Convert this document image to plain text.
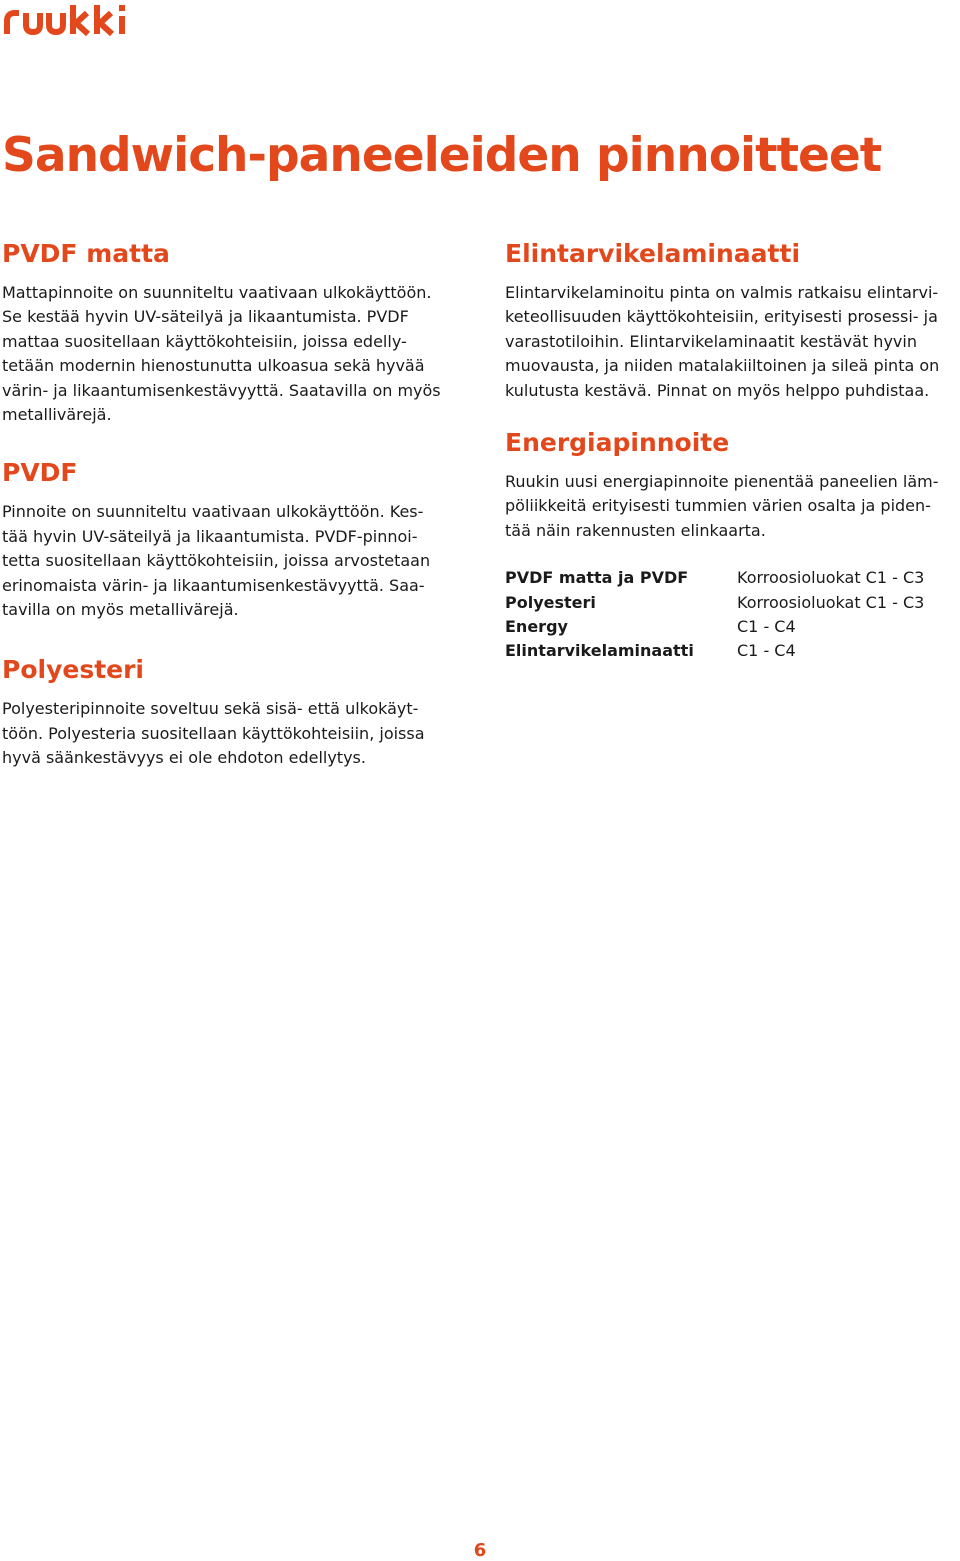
Sandwich-paneeleiden pinnoitteet
PVDF matta

Mattapinnoite on suunniteltu vaativaan ulkokäyttöön.
Se kestää hyvin UV-säteilyä ja likaantumista. PVDF
mattaa suositellaan käyttökohteisiin, joissa edelly-
tetään modernin hienostunutta ulkoasua sekä hyvää
värin- ja likaantumisenkestävyyttä. Saatavilla on myös
metallivärejä.

PVDF

Pinnoite on suunniteltu vaativaan ulkokäyttöön. Kes-
tää hyvin UV-säteilyä ja likaantumista. PVDF-pinnoi-
tetta suositellaan käyttökohteisiin, joissa arvostetaan
erinomaista värin- ja likaantumisenkestävyyttä. Saa-
tavilla on myös metallivärejä.

Polyesteri

Polyesteripinnoite soveltuu sekä sisä- että ulkokäyt-
töön. Polyesteria suositellaan käyttökohteisiin, joissa
hyvä säänkestävyys ei ole ehdoton edellytys.

Elintarvikelaminaatti

Elintarvikelaminoitu pinta on valmis ratkaisu elintarvi-
keteollisuuden käyttökohteisiin, erityisesti prosessi- ja
varastotiloihin. Elintarvikelaminaatit kestävät hyvin
muovausta, ja niiden matalakiiltoinen ja sileä pinta on
kulutusta kestävä. Pinnat on myös helppo puhdistaa.

Energiapinnoite

Ruukin uusi energiapinnoite pienentää paneelien läm-
pöliikkeitä erityisesti tummien värien osalta ja piden-
tää näin rakennusten elinkaarta.

PVDF matta ja PVDF	Korroosioluokat C1 - C3
Polyesteri	Korroosioluokat C1 - C3
Energy	C1 - C4
Elintarvikelaminaatti	C1 - C4
6
